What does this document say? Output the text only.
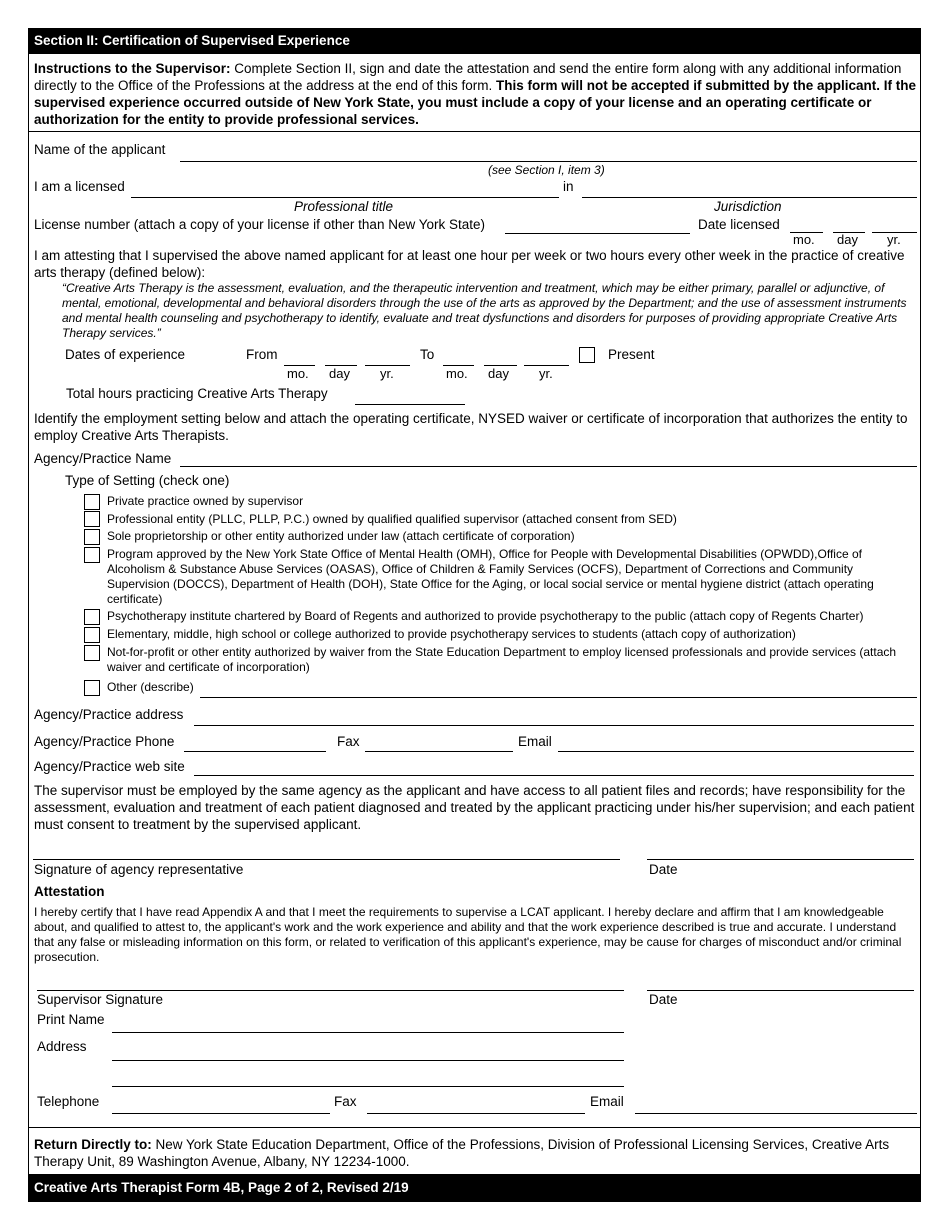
Section II: Certification of Supervised Experience
Instructions to the Supervisor: Complete Section II, sign and date the attestation and send the entire form along with any additional information directly to the Office of the Professions at the address at the end of this form. This form will not be accepted if submitted by the applicant. If the supervised experience occurred outside of New York State, you must include a copy of your license and an operating certificate or authorization for the entity to provide professional services.
Name of the applicant
(see Section I, item 3)
I am a licensed	in
Professional title	Jurisdiction
License number (attach a copy of your license if other than New York State)	Date licensed
mo. day yr.
I am attesting that I supervised the above named applicant for at least one hour per week or two hours every other week in the practice of creative arts therapy (defined below):
“Creative Arts Therapy is the assessment, evaluation, and the therapeutic intervention and treatment, which may be either primary, parallel or adjunctive, of mental, emotional, developmental and behavioral disorders through the use of the arts as approved by the Department; and the use of assessment instruments and mental health counseling and psychotherapy to identify, evaluate and treat dysfunctions and disorders for purposes of providing appropriate Creative Arts Therapy services.”
Dates of experience	From
mo. day yr.
To
mo. day yr.
Present
Total hours practicing Creative Arts Therapy
Identify the employment setting below and attach the operating certificate, NYSED waiver or certificate of incorporation that authorizes the entity to employ Creative Arts Therapists.
Agency/Practice Name
Type of Setting (check one)
Private practice owned by supervisor
Professional entity (PLLC, PLLP, P.C.) owned by qualified qualified supervisor (attached consent from SED)
Sole proprietorship or other entity authorized under law (attach certificate of corporation)
Program approved by the New York State Office of Mental Health (OMH), Office for People with Developmental Disabilities (OPWDD),Office of Alcoholism & Substance Abuse Services (OASAS), Office of Children & Family Services (OCFS), Department of Corrections and Community Supervision (DOCCS), Department of Health (DOH), State Office for the Aging, or local social service or mental hygiene district (attach operating certificate)
Psychotherapy institute chartered by Board of Regents and authorized to provide psychotherapy to the public (attach copy of Regents Charter)
Elementary, middle, high school or college authorized to provide psychotherapy services to students (attach copy of authorization)
Not-for-profit or other entity authorized by waiver from the State Education Department to employ licensed professionals and provide services (attach waiver and certificate of incorporation)
Other (describe)
Agency/Practice address
Agency/Practice Phone	Fax	Email
Agency/Practice web site
The supervisor must be employed by the same agency as the applicant and have access to all patient files and records; have responsibility for the assessment, evaluation and treatment of each patient diagnosed and treated by the applicant practicing under his/her supervision; and each patient must consent to treatment by the supervised applicant.
Signature of agency representative	Date
Attestation
I hereby certify that I have read Appendix A and that I meet the requirements to supervise a LCAT applicant. I hereby declare and affirm that I am knowledgeable about, and qualified to attest to, the applicant's work and the work experience and ability and that the work experience described is true and accurate. I understand that any false or misleading information on this form, or related to verification of this applicant's experience, may be cause for charges of misconduct and/or criminal prosecution.
Supervisor Signature	Date
Print Name
Address
Telephone	Fax	Email
Return Directly to: New York State Education Department, Office of the Professions, Division of Professional Licensing Services, Creative Arts Therapy Unit, 89 Washington Avenue, Albany, NY 12234-1000.
Creative Arts Therapist Form 4B, Page 2 of 2, Revised 2/19
